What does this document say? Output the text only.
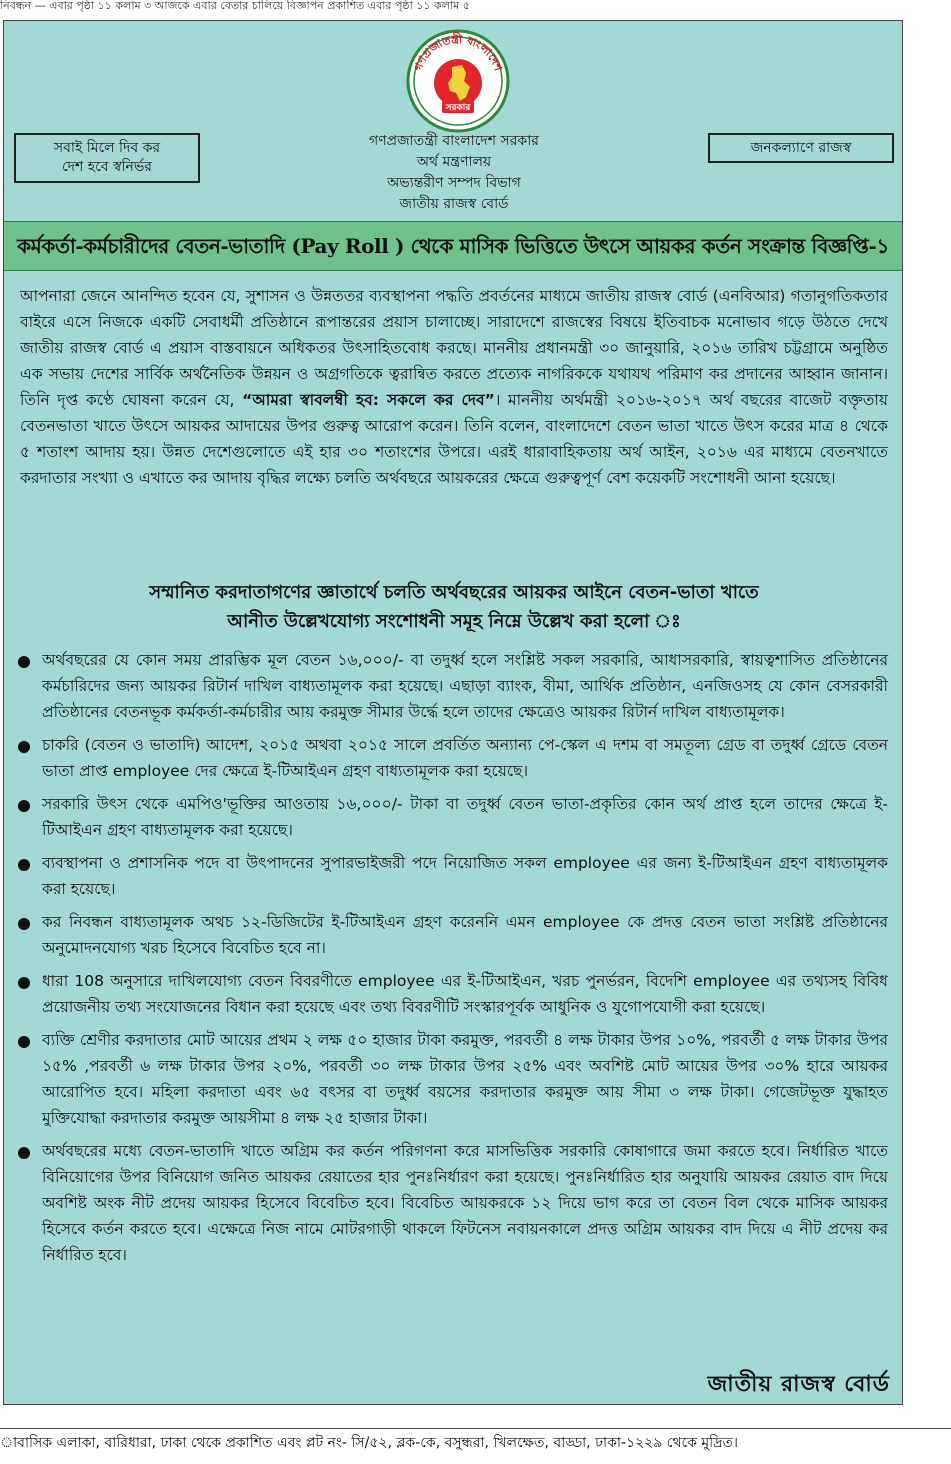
নিবন্ধন — এবার পৃষ্ঠা ১১ কলাম ৩ আজকে এবার বেতার চালিয়ে বিজ্ঞাপন প্রকাশিত এবার পৃষ্ঠা ১১ কলাম ৫
গণপ্রজাতন্ত্রী বাংলাদেশ
সরকার
সবাই মিলে দিব কর
দেশ হবে স্বনির্ভর
জনকল্যাণে রাজস্ব
গণপ্রজাতন্ত্রী বাংলাদেশ সরকার
অর্থ মন্ত্রণালয়
অভ্যন্তরীণ সম্পদ বিভাগ
জাতীয় রাজস্ব বোর্ড
কর্মকর্তা-কর্মচারীদের বেতন-ভাতাদি (Pay Roll ) থেকে মাসিক ভিত্তিতে উৎসে আয়কর কর্তন সংক্রান্ত বিজ্ঞপ্তি-১
আপনারা জেনে আনন্দিত হবেন যে, সুশাসন ও উন্নততর ব্যবস্থাপনা পদ্ধতি প্রবর্তনের মাধ্যমে জাতীয় রাজস্ব বোর্ড (এনবিআর) গতানুগতিকতার বাইরে এসে নিজকে একটি সেবাধর্মী প্রতিষ্ঠানে রূপান্তরের প্রয়াস চালাচ্ছে। সারাদেশে রাজস্বের বিষয়ে ইতিবাচক মনোভাব গড়ে উঠতে দেখে জাতীয় রাজস্ব বোর্ড এ প্রয়াস বাস্তবায়নে অধিকতর উৎসাহিতবোধ করছে। মাননীয় প্রধানমন্ত্রী ৩০ জানুয়ারি, ২০১৬ তারিখ চট্টগ্রামে অনুষ্ঠিত এক সভায় দেশের সার্বিক অর্থনৈতিক উন্নয়ন ও অগ্রগতিকে ত্বরান্বিত করতে প্রত্যেক নাগরিককে যথাযথ পরিমাণ কর প্রদানের আহ্বান জানান। তিনি দৃপ্ত কণ্ঠে ঘোষনা করেন যে, “আমরা স্বাবলম্বী হব: সকলে কর দেব”। মাননীয় অর্থমন্ত্রী ২০১৬-২০১৭ অর্থ বছরের বাজেট বক্তৃতায় বেতনভাতা খাতে উৎসে আয়কর আদায়ের উপর গুরুত্ব আরোপ করেন। তিনি বলেন, বাংলাদেশে বেতন ভাতা খাতে উৎস করের মাত্র ৪ থেকে ৫ শতাংশ আদায় হয়। উন্নত দেশেগুলোতে এই হার ৩০ শতাংশের উপরে। এরই ধারাবাহিকতায় অর্থ আইন, ২০১৬ এর মাধ্যমে বেতনখাতে করদাতার সংখ্যা ও এখাতে কর আদায় বৃদ্ধির লক্ষ্যে চলতি অর্থবছরে আয়করের ক্ষেত্রে গুরুত্বপূর্ণ বেশ কয়েকটি সংশোধনী আনা হয়েছে।
সম্মানিত করদাতাগণের জ্ঞাতার্থে চলতি অর্থবছরের আয়কর আইনে বেতন-ভাতা খাতে
আনীত উল্লেখযোগ্য সংশোধনী সমূহ নিম্নে উল্লেখ করা হলো ঃ
অর্থবছরের যে কোন সময় প্রারম্ভিক মূল বেতন ১৬,০০০/- বা তদুর্ধ্ব হলে সংশ্লিষ্ট সকল সরকারি, আধাসরকারি, স্বায়ত্বশাসিত প্রতিষ্ঠানের কর্মচারিদের জন্য আয়কর রিটার্ন দাখিল বাধ্যতামূলক করা হয়েছে। এছাড়া ব্যাংক, বীমা, আর্থিক প্রতিষ্ঠান, এনজিওসহ যে কোন বেসরকারী প্রতিষ্ঠানের বেতনভূক কর্মকর্তা-কর্মচারীর আয় করমুক্ত সীমার উর্দ্ধে হলে তাদের ক্ষেত্রেও আয়কর রিটার্ন দাখিল বাধ্যতামূলক।
চাকরি (বেতন ও ভাতাদি) আদেশ, ২০১৫ অথবা ২০১৫ সালে প্রবর্তিত অন্যান্য পে-স্কেল এ দশম বা সমতূল্য গ্রেড বা তদুর্ধ্ব গ্রেডে বেতন ভাতা প্রাপ্ত employee দের ক্ষেত্রে ই-টিআইএন গ্রহণ বাধ্যতামূলক করা হয়েছে।
সরকারি উৎস থেকে এমপিও'ভূক্তির আওতায় ১৬,০০০/- টাকা বা তদুর্ধ্ব বেতন ভাতা-প্রকৃতির কোন অর্থ প্রাপ্ত হলে তাদের ক্ষেত্রে ই-টিআইএন গ্রহণ বাধ্যতামূলক করা হয়েছে।
ব্যবস্থাপনা ও প্রশাসনিক পদে বা উৎপাদনের সুপারভাইজরী পদে নিয়োজিত সকল employee এর জন্য ই-টিআইএন গ্রহণ বাধ্যতামূলক করা হয়েছে।
কর নিবন্ধন বাধ্যতামূলক অথচ ১২-ডিজিটের ই-টিআইএন গ্রহণ করেননি এমন employee কে প্রদত্ত বেতন ভাতা সংশ্লিষ্ট প্রতিষ্ঠানের অনুমোদনযোগ্য খরচ হিসেবে বিবেচিত হবে না।
ধারা 108 অনুসারে দাখিলযোগ্য বেতন বিবরণীতে employee এর ই-টিআইএন, খরচ পুনর্ভরন, বিদেশি employee এর তথ্যসহ বিবিধ প্রয়োজনীয় তথ্য সংযোজনের বিধান করা হয়েছে এবং তথ্য বিবরণীটি সংস্কারপূর্বক আধুনিক ও যুগোপযোগী করা হয়েছে।
ব্যক্তি শ্রেণীর করদাতার মোট আয়ের প্রথম ২ লক্ষ ৫০ হাজার টাকা করমুক্ত, পরবর্তী ৪ লক্ষ টাকার উপর ১০%, পরবর্তী ৫ লক্ষ টাকার উপর ১৫% ,পরবর্তী ৬ লক্ষ টাকার উপর ২০%, পরবর্তী ৩০ লক্ষ টাকার উপর ২৫% এবং অবশিষ্ট মোট আয়ের উপর ৩০% হারে আয়কর আরোপিত হবে। মহিলা করদাতা এবং ৬৫ বৎসর বা তদুর্ধ্ব বয়সের করদাতার করমুক্ত আয় সীমা ৩ লক্ষ টাকা। গেজেটভূক্ত যুদ্ধাহত মুক্তিযোদ্ধা করদাতার করমুক্ত আয়সীমা ৪ লক্ষ ২৫ হাজার টাকা।
অর্থবছরের মধ্যে বেতন-ভাতাদি খাতে অগ্রিম কর কর্তন পরিগণনা করে মাসভিত্তিক সরকারি কোষাগারে জমা করতে হবে। নির্ধারিত খাতে বিনিয়োগের উপর বিনিয়োগ জনিত আয়কর রেয়াতের হার পুনঃনির্ধারণ করা হয়েছে। পুনঃনির্ধারিত হার অনুযায়ি আয়কর রেয়াত বাদ দিয়ে অবশিষ্ট অংক নীট প্রদেয় আয়কর হিসেবে বিবেচিত হবে। বিবেচিত আয়করকে ১২ দিয়ে ভাগ করে তা বেতন বিল থেকে মাসিক আয়কর হিসেবে কর্তন করতে হবে। এক্ষেত্রে নিজ নামে মোটরগাড়ী থাকলে ফিটনেস নবায়নকালে প্রদত্ত অগ্রিম আয়কর বাদ দিয়ে এ নীট প্রদেয় কর নির্ধারিত হবে।
জাতীয় রাজস্ব বোর্ড
াবাসিক এলাকা, বারিধারা, ঢাকা থেকে প্রকাশিত এবং প্লট নং- সি/৫২, ব্লক-কে, বসুন্ধরা, খিলক্ষেত, বাড্ডা, ঢাকা-১২২৯ থেকে মুদ্রিত।
